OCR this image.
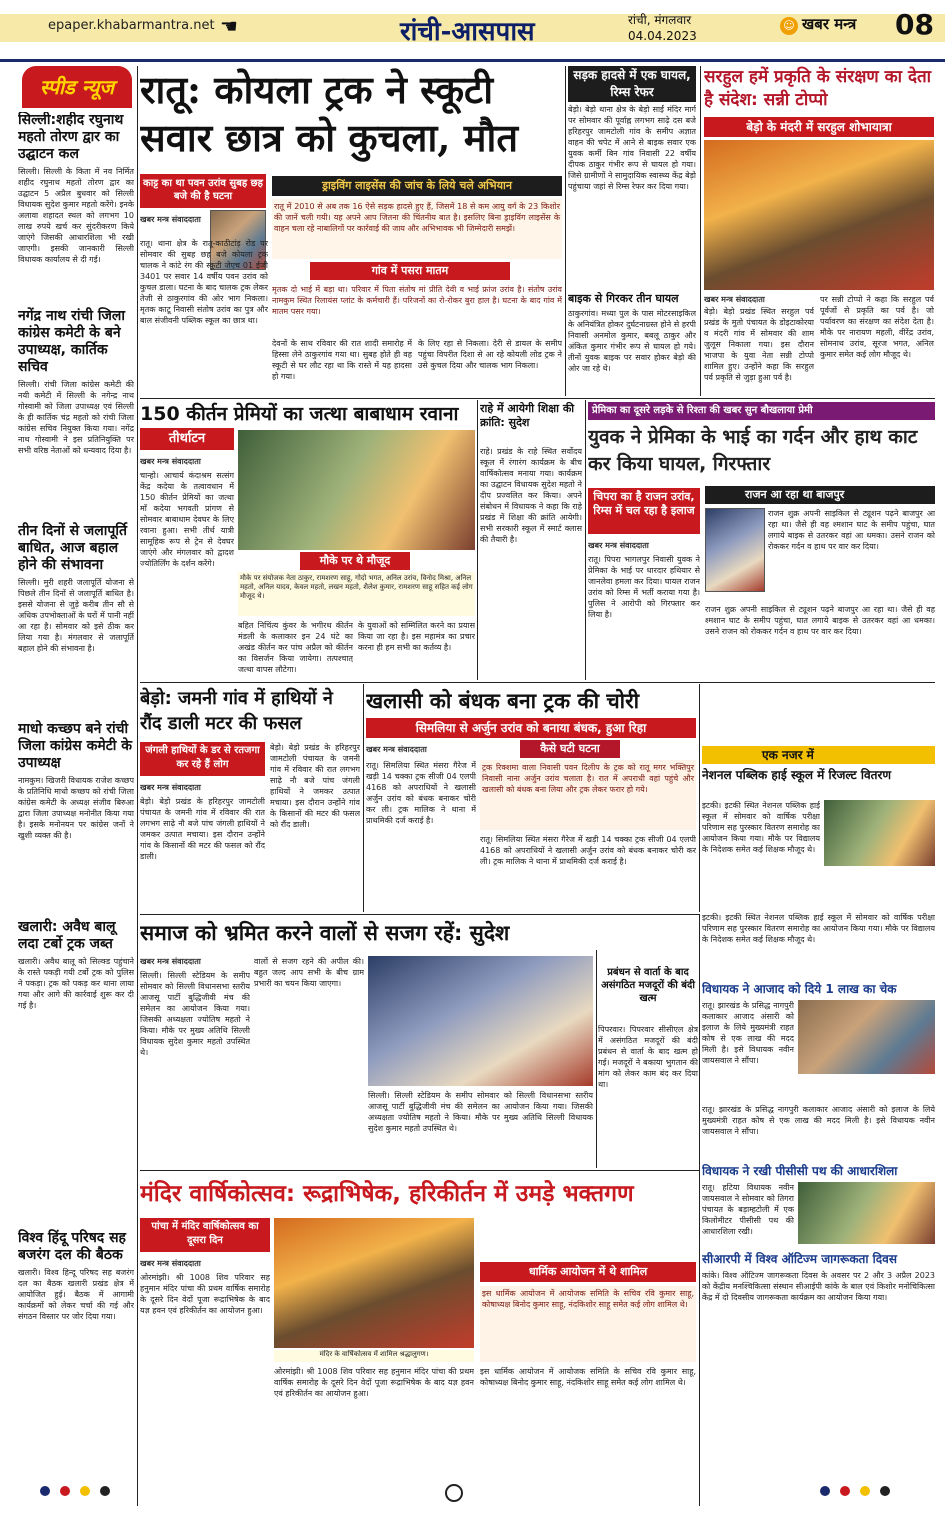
epaper.khabarmantra.net ☚	रांची-आसपास	रांची, मंगलवार
04.04.2023
☺ खबर मन्त्र 08
स्पीड न्यूज
सिल्ली:शहीद रघुनाथ महतो तोरण द्वार का उद्घाटन कल
सिल्ली। सिल्ली के किता में नव निर्मित शहीद रघुनाथ महतो तोरण द्वार का उद्घाटन 5 अप्रैल बुधवार को सिल्ली विधायक सुदेश कुमार महतो करेंगे। इनके अलावा शहादत स्थल को लगभग 10 लाख रुपये खर्च कर सुंदरीकरण किये जाएंगे जिसकी आधारशिला भी रखी जाएगी। इसकी जानकारी सिल्ली विधायक कार्यालय से दी गई।
नगेंद्र नाथ रांची जिला कांग्रेस कमेटी के बने उपाध्यक्ष, कार्तिक सचिव
सिल्ली। रांची जिला कांग्रेस कमेटी की नयी कमेटी में सिल्ली के नगेन्द्र नाथ गोस्वामी को जिला उपाध्यक्ष एवं सिल्ली के ही कार्तिक चंद्र महतो को रांची जिला कांग्रेस सचिव नियुक्त किया गया। नगेंद्र नाथ गोस्वामी ने इस प्रतिनियुक्ति पर सभी वरिष्ठ नेताओं को धन्यवाद दिया है।
तीन दिनों से जलापूर्ति बाधित, आज बहाल होने की संभावना
सिल्ली। मुरी शहरी जलापूर्ति योजना से पिछले तीन दिनों से जलापूर्ति बाधित है। इससे योजना से जुड़े करीब तीन सौ से अधिक उपभोक्ताओं के घरों में पानी नहीं आ रहा है। सोमवार को इसे ठीक कर लिया गया है। मंगलवार से जलापूर्ति बहाल होने की संभावना है।
माधो कच्छप बने रांची जिला कांग्रेस कमेटी के उपाध्यक्ष
नामकुम। खिजरी विधायक राजेश कच्छप के प्रतिनिधि माधो कच्छप को रांची जिला कांग्रेस कमेटी के अध्यक्ष संजीव बिरुआ द्वारा जिला उपाध्यक्ष मनोनीत किया गया है। इसके मनोनयन पर कांग्रेस जनों ने खुशी व्यक्त की है।
खलारी: अवैध बालू लदा टर्बो ट्रक जब्त
खलारी। अवैध बालू को सिल्क्ड पहुंचाने के रास्ते पकड़ी गयी टर्बो ट्रक को पुलिस ने पकड़ा। ट्रक को पकड़ कर थाना लाया गया और आगे की कार्रवाई शुरू कर दी गई है।
विश्व हिंदू परिषद सह बजरंग दल की बैठक
खलारी। विश्व हिन्दू परिषद सह बजरंग दल का बैठक खलारी प्रखंड क्षेत्र में आयोजित हुई। बैठक में आगामी कार्यक्रमों को लेकर चर्चा की गई और संगठन विस्तार पर जोर दिया गया।
रातू: कोयला ट्रक ने स्कूटी सवार छात्र को कुचला, मौत
काट्ट का था पवन उरांव सुबह छह बजे की है घटना
खबर मन्त्र संवाददाता
रातू। थाना क्षेत्र के रातू-काठीटांड़ रोड पर सोमवार की सुबह छह बजे कोयला ट्रक चालक ने कांटे रंग की स्कूटी जेएच 01 ईजी 3401 पर सवार 14 वर्षीय पवन उरांव को कुचल डाला। घटना के बाद चालक ट्रक लेकर तेजी से ठाकुरगांव की ओर भाग निकला। मृतक काटू निवासी संतोष उरांव का पुत्र और बाल संजीवनी पब्लिक स्कूल का छात्र था।
ड्राइविंग लाइसेंस की जांच के लिये चले अभियान
रातू में 2010 से अब तक 16 ऐसे सड़क हादसे हुए हैं, जिसमें 18 से कम आयु वर्ग के 23 किशोर की जानें चली गयी। यह अपने आप जितना की चिंतनीय बात है। इसलिए बिना ड्राइविंग लाइसेंस के वाहन चला रहे नाबालिगों पर कार्रवाई की जाय और अभिभावक भी जिम्मेदारी समझें।
गांव में पसरा मातम
मृतक दो भाई में बड़ा था। परिवार में पिता संतोष मां प्रीति देवी व भाई फ्रांज उरांव है। संतोष उरांव नामकुम स्थित रिलायंस प्लांट के कर्मचारी हैं। परिजनों का रो-रोकर बुरा हाल है। घटना के बाद गांव में मातम पसर गया।
देवनों के साथ रविवार की रात शादी समारोह में हिस्सा लेने ठाकुरगांव गया था। सुबह होते ही वह स्कूटी से घर लौट रहा था कि रास्ते में यह हादसा हो गया।
के लिए रहा से निकला। देरी से डायल के समीप पहुंचा विपरीत दिशा से आ रहे कोयली लोड ट्रक ने उसे कुचल दिया और चालक भाग निकला।
सड़क हादसे में एक घायल, रिम्स रेफर
बेड़ो। बेड़ो थाना क्षेत्र के बेड़ो साईं मंदिर मार्ग पर सोमवार की पूर्वाह्न लगभग साढ़े दस बजे हरिहरपुर जामटोली गांव के समीप अज्ञात वाहन की चपेट में आने से बाइक सवार एक युवक कर्मी बिन गांव निवासी 22 वर्षीय दीपक ठाकुर गंभीर रूप से घायल हो गया। जिसे ग्रामीणों ने सामुदायिक स्वास्थ्य केंद्र बेड़ो पहुंचाया जहां से रिम्स रेफर कर दिया गया।
बाइक से गिरकर तीन घायल
ठाकुरगांव। मध्या पुल के पास मोटरसाइकिल के अनियंत्रित होकर दुर्घटनाग्रस्त होने से हरपी निवासी अनमोल कुमार, बबलू ठाकुर और अंकित कुमार गंभीर रूप से घायल हो गये। तीनों युवक बाइक पर सवार होकर बेड़ो की ओर जा रहे थे।
सरहुल हमें प्रकृति के संरक्षण का देता है संदेश: सन्नी टोप्पो
बेड़ो के मंदरी में सरहुल शोभायात्रा
खबर मन्त्र संवाददाता
बेड़ो। बेड़ो प्रखंड स्थित सरहुल पर्व प्रखंड के मुतो पंचायत के डोइटाकोरया व मंदरी गांव में सोमवार की शाम जुलूस निकाला गया। इस दौरान भाजपा के युवा नेता सन्नी टोप्पो शामिल हुए। उन्होंने कहा कि सरहुल पर्व प्रकृति से जुड़ा हुआ पर्व है।
पर सन्नी टोप्पो ने कहा कि सरहुल पर्व पूर्वजों से प्रकृति का पर्व है। जो पर्यावरण का संरक्षण का संदेश देता है। मौके पर नारायण महली, वीरेंद्र उरांव, सोमनाथ उरांव, सूरज भगत, अनिल कुमार समेत कई लोग मौजूद थे।
150 कीर्तन प्रेमियों का जत्था बाबाधाम रवाना
तीर्थाटन
खबर मन्त्र संवाददाता
चान्हो। आचार्य कंदाश्रम सत्संग केंद्र कदेया के तत्वावधान में 150 कीर्तन प्रेमियों का जत्था माँ कदेया भगवती प्रांगण से सोमवार बाबाधाम देवघर के लिए रवाना हुआ। सभी तीर्थ यात्री सामूहिक रूप से ट्रेन से देवघर जाएंगे और मंगलवार को द्वादश ज्योतिर्लिंग के दर्शन करेंगे।	मौके पर थे मौजूद
मौके पर संयोजक नेता ठाकुर, रामशरण साहू, गोदो भगत, अनिल उरांव, विनोद मिश्रा, अनिल महतो, अनिल यादव, केवल महतो, लखन महतो, शैलेश कुमार, रामशरण साहू सहित कई लोग मौजूद थे।
बहित निचिंत्य कुंवर के भगीरथ कीर्तन मंडली के कलाकार इन 24 घंटे का अखंड कीर्तन कर पांच अप्रैल को कीर्तन का विसर्जन किया जायेगा। तत्पश्चात् जत्था वापस लौटेगा।
के युवाओं को सम्मिलित करने का प्रयास किया जा रहा है। इस महामंत्र का प्रचार करना ही हम सभी का कर्तव्य है।
राहे में आयेगी शिक्षा की क्रांति: सुदेश
राहे। प्रखंड के राहे स्थित सर्वोदय स्कूल में रंगारंग कार्यक्रम के बीच वार्षिकोत्सव मनाया गया। कार्यक्रम का उद्घाटन विधायक सुदेश महतो ने दीप प्रज्वलित कर किया। अपने संबोधन में विधायक ने कहा कि राहे प्रखंड में शिक्षा की क्रांति आयेगी। सभी सरकारी स्कूल में स्मार्ट क्लास की तैयारी है।
प्रेमिका का दूसरे लड़के से रिश्ता की खबर सुन बौखलाया प्रेमी
युवक ने प्रेमिका के भाई का गर्दन और हाथ काट कर किया घायल, गिरफ्तार
चिपरा का है राजन उरांव, रिम्स में चल रहा है इलाज
राजन आ रहा था बाजपुर
राजन शुक्र अपनी साइकिल से ट्यूशन पढ़ने बाजपुर आ रहा था। जैसे ही वह श्मशान घाट के समीप पहुंचा, घात लगाये बाइक से उतरकर वहां आ धमका। उसने राजन को रोककर गर्दन व हाथ पर वार कर दिया।
खबर मन्त्र संवाददाता
रातू। पिपरा भागलपुर निवासी युवक ने प्रेमिका के भाई पर धारदार हथियार से जानलेवा हमला कर दिया। घायल राजन उरांव को रिम्स में भर्ती कराया गया है। पुलिस ने आरोपी को गिरफ्तार कर लिया है।
राजन शुक्र अपनी साइकिल से ट्यूशन पढ़ने बाजपुर आ रहा था। जैसे ही वह श्मशान घाट के समीप पहुंचा, घात लगाये बाइक से उतरकर वहां आ धमका। उसने राजन को रोककर गर्दन व हाथ पर वार कर दिया।
बेड़ो: जमनी गांव में हाथियों ने रौंद डाली मटर की फसल
जंगली हाथियों के डर से रतजगा कर रहे हैं लोग
खबर मन्त्र संवाददाता
बेड़ो। बेड़ो प्रखंड के हरिहरपुर जामटोली पंचायत के जमनी गांव में रविवार की रात लगभग साढ़े नौ बजे पांच जंगली हाथियों ने जमकर उत्पात मचाया। इस दौरान उन्होंने गांव के किसानों की मटर की फसल को रौंद डाली।
बेड़ो। बेड़ो प्रखंड के हरिहरपुर जामटोली पंचायत के जमनी गांव में रविवार की रात लगभग साढ़े नौ बजे पांच जंगली हाथियों ने जमकर उत्पात मचाया। इस दौरान उन्होंने गांव के किसानों की मटर की फसल को रौंद डाली।
खलासी को बंधक बना ट्रक की चोरी
सिमलिया से अर्जुन उरांव को बनाया बंधक, हुआ रिहा
कैसे घटी घटना
खबर मन्त्र संवाददाता
रातू। सिमलिया स्थित मंसरा गैरेज में खड़ी 14 चक्का ट्रक सीजी 04 एलपी 4168 को अपराधियों ने खलासी अर्जुन उरांव को बंधक बनाकर चोरी कर ली। ट्रक मालिक ने थाना में प्राथमिकी दर्ज कराई है।
ट्रक रिक्शमा वाला निवासी पवन दिलीप के ट्रक को रातू मगर भक्तिपुर निवासी नाना अर्जुन उरांव चलाता है। रात में अपराधी वहां पहुंचे और खलासी को बंधक बना लिया और ट्रक लेकर फरार हो गये।
रातू। सिमलिया स्थित मंसरा गैरेज में खड़ी 14 चक्का ट्रक सीजी 04 एलपी 4168 को अपराधियों ने खलासी अर्जुन उरांव को बंधक बनाकर चोरी कर ली। ट्रक मालिक ने थाना में प्राथमिकी दर्ज कराई है।
एक नजर में
नेशनल पब्लिक हाई स्कूल में रिजल्ट वितरण
इटकी। इटकी स्थित नेशनल पब्लिक हाई स्कूल में सोमवार को वार्षिक परीक्षा परिणाम सह पुरस्कार वितरण समारोह का आयोजन किया गया। मौके पर विद्यालय के निदेशक समेत कई शिक्षक मौजूद थे।
इटकी। इटकी स्थित नेशनल पब्लिक हाई स्कूल में सोमवार को वार्षिक परीक्षा परिणाम सह पुरस्कार वितरण समारोह का आयोजन किया गया। मौके पर विद्यालय के निदेशक समेत कई शिक्षक मौजूद थे।
समाज को भ्रमित करने वालों से सजग रहें: सुदेश
खबर मन्त्र संवाददाता
सिल्ली। सिल्ली स्टेडियम के समीप सोमवार को सिल्ली विधानसभा स्तरीय आजसू पार्टी बुद्धिजीवी मंच की समेलन का आयोजन किया गया। जिसकी अध्यक्षता ज्योतिष महतो ने किया। मौके पर मुख्य अतिथि सिल्ली विधायक सुदेश कुमार महतो उपस्थित थे।
वालों से सजग रहने की अपील की। बहुत जल्द आप सभी के बीच ग्राम प्रभारी का चयन किया जाएगा।
सिल्ली। सिल्ली स्टेडियम के समीप सोमवार को सिल्ली विधानसभा स्तरीय आजसू पार्टी बुद्धिजीवी मंच की समेलन का आयोजन किया गया। जिसकी अध्यक्षता ज्योतिष महतो ने किया। मौके पर मुख्य अतिथि सिल्ली विधायक सुदेश कुमार महतो उपस्थित थे।
प्रबंधन से वार्ता के बाद असंगठित मजदूरों की बंदी खत्म
पिपरवार। पिपरवार सीसीएल क्षेत्र में असंगठित मजदूरों की बंदी प्रबंधन से वार्ता के बाद खत्म हो गई। मजदूरों ने बकाया भुगतान की मांग को लेकर काम बंद कर दिया था।
विधायक ने आजाद को दिये 1 लाख का चेक
रातू। झारखंड के प्रसिद्ध नागपुरी कलाकार आजाद अंसारी को इलाज के लिये मुख्यमंत्री राहत कोष से एक लाख की मदद मिली है। इसे विधायक नवीन जायसवाल ने सौंपा।
रातू। झारखंड के प्रसिद्ध नागपुरी कलाकार आजाद अंसारी को इलाज के लिये मुख्यमंत्री राहत कोष से एक लाख की मदद मिली है। इसे विधायक नवीन जायसवाल ने सौंपा।
विधायक ने रखी पीसीसी पथ की आधारशिला
रातू। हटिया विधायक नवीन जायसवाल ने सोमवार को तिगरा पंचायत के बड़ाम्हटोली में एक किलोमीटर पीसीसी पथ की आधारशिला रखी।
सीआरपी में विश्व ऑटिज्म जागरूकता दिवस
कांके। विश्व ऑटिज्म जागरूकता दिवस के अवसर पर 2 और 3 अप्रैल 2023 को केंद्रीय मनश्चिकित्सा संस्थान सीआईपी कांके के बाल एवं किशोर मनोचिकित्सा केंद्र में दो दिवसीय जागरूकता कार्यक्रम का आयोजन किया गया।
मंदिर वार्षिकोत्सव: रूद्राभिषेक, हरिकीर्तन में उमड़े भक्तगण
पांचा में मंदिर वार्षिकोत्सव का दूसरा दिन
मंदिर के वार्षिकोत्सव में शामिल श्रद्धालुगण।
धार्मिक आयोजन में थे शामिल
इस धार्मिक आयोजन में आयोजक समिति के सचिव रवि कुमार साहू, कोषाध्यक्ष बिनोद कुमार साहू, नंदकिशोर साहू समेत कई लोग शामिल थे।
खबर मन्त्र संवाददाता
ओरमांझी। श्री 1008 शिव परिवार सह हनुमान मंदिर पांचा की प्रथम वार्षिक समारोह के दूसरे दिन वेदों पूजा रूद्राभिषेक के बाद यज्ञ हवन एवं हरिकीर्तन का आयोजन हुआ।
ओरमांझी। श्री 1008 शिव परिवार सह हनुमान मंदिर पांचा की प्रथम वार्षिक समारोह के दूसरे दिन वेदों पूजा रूद्राभिषेक के बाद यज्ञ हवन एवं हरिकीर्तन का आयोजन हुआ।
इस धार्मिक आयोजन में आयोजक समिति के सचिव रवि कुमार साहू, कोषाध्यक्ष बिनोद कुमार साहू, नंदकिशोर साहू समेत कई लोग शामिल थे।
